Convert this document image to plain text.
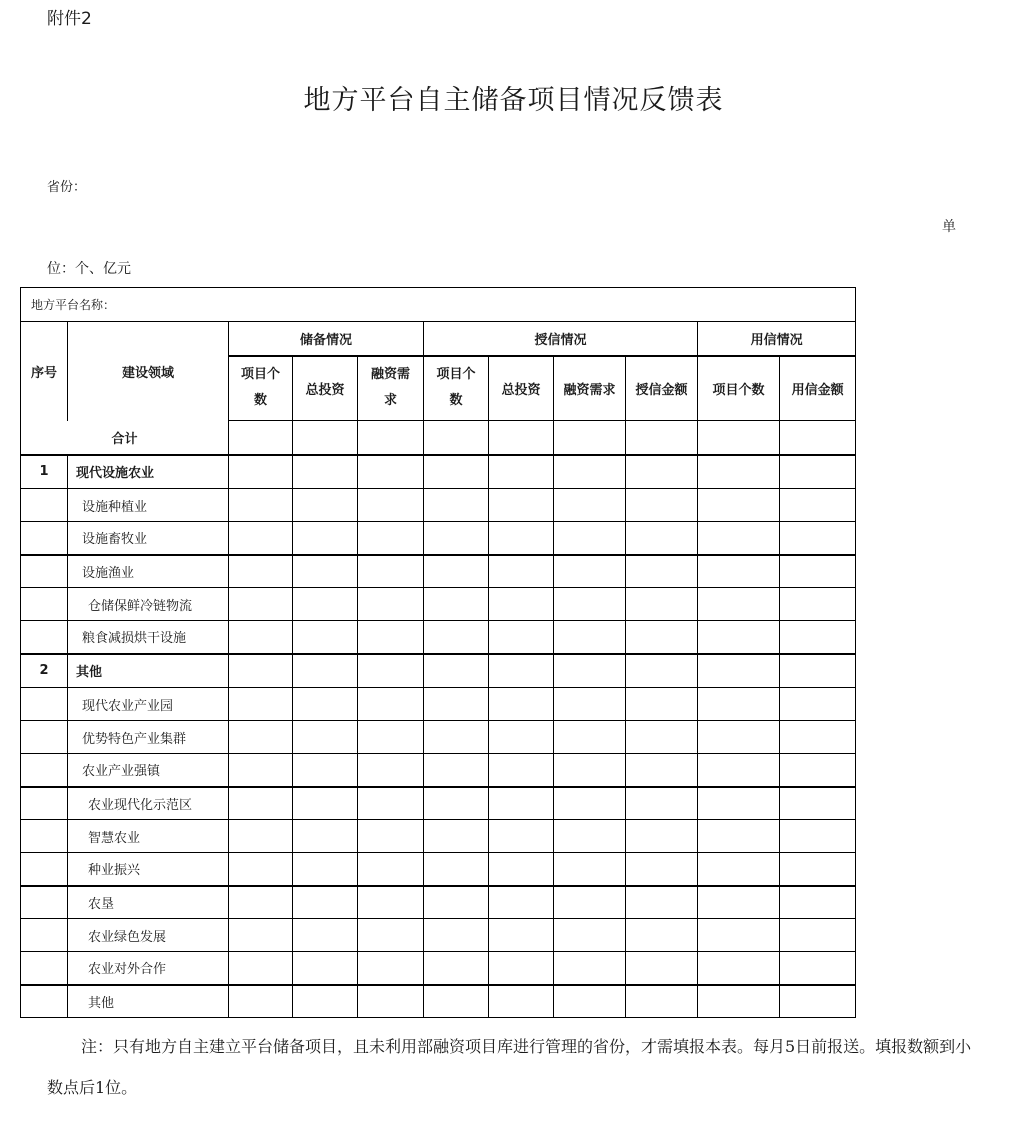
附件2
地方平台自主储备项目情况反馈表
省份：
单
位：个、亿元
地方平台名称：										
序号	建设领域	储备情况			授信情况				用信情况	
		项目个数	总投资	融资需求	项目个数	总投资	融资需求	授信金额	项目个数	用信金额
合计										
1	现代设施农业									
	设施种植业									
	设施畜牧业									
	设施渔业									
	仓储保鲜冷链物流									
	粮食减损烘干设施									
2	其他									
	现代农业产业园									
	优势特色产业集群									
	农业产业强镇									
	农业现代化示范区									
	智慧农业									
	种业振兴									
	农垦									
	农业绿色发展									
	农业对外合作									
	其他									
注：只有地方自主建立平台储备项目，且未利用部融资项目库进行管理的省份，才需填报本表。每月5日前报送。填报数额到小数点后1位。
